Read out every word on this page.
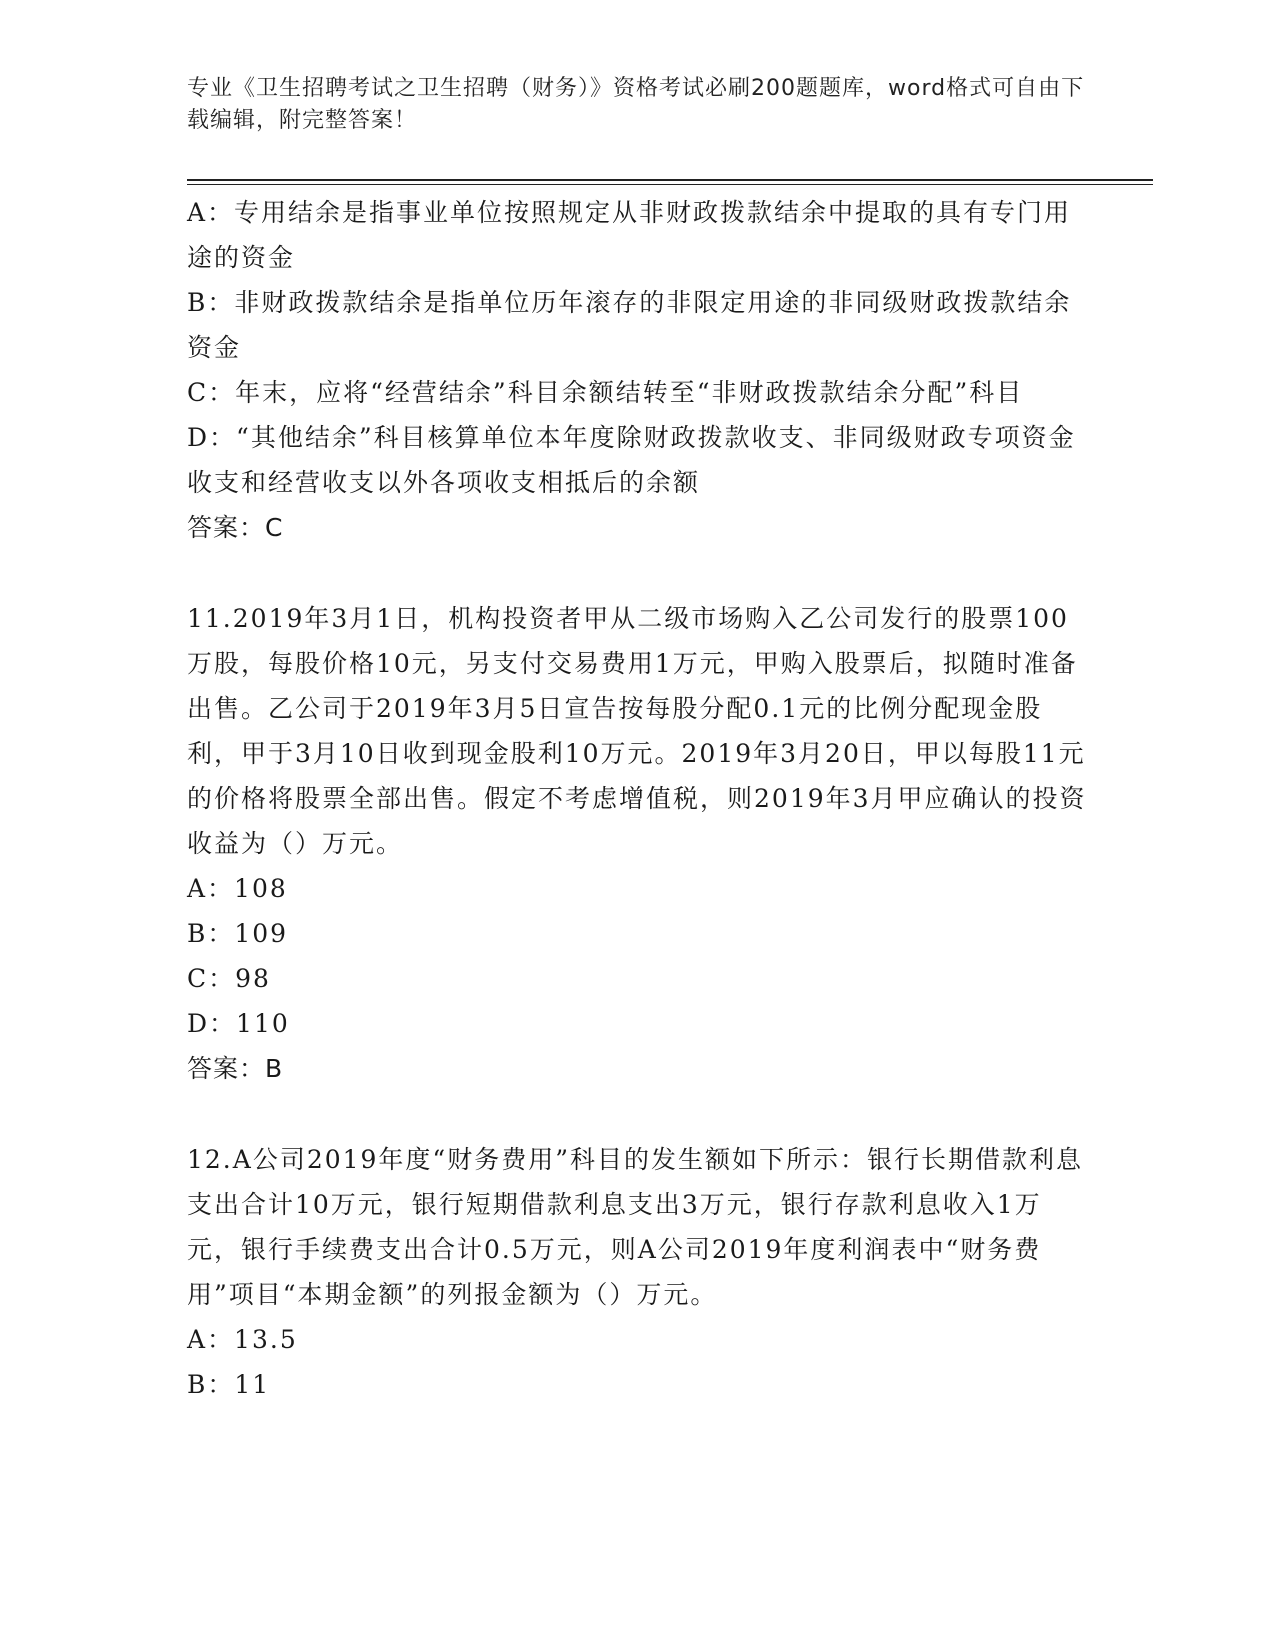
专业《卫生招聘考试之卫生招聘（财务）》资格考试必刷200题题库，word格式可自由下载编辑，附完整答案！

A：专用结余是指事业单位按照规定从非财政拨款结余中提取的具有专门用途的资金

B：非财政拨款结余是指单位历年滚存的非限定用途的非同级财政拨款结余资金

C：年末，应将“经营结余”科目余额结转至“非财政拨款结余分配”科目

D：“其他结余”科目核算单位本年度除财政拨款收支、非同级财政专项资金收支和经营收支以外各项收支相抵后的余额

答案：C

11.2019年3月1日，机构投资者甲从二级市场购入乙公司发行的股票100万股，每股价格10元，另支付交易费用1万元，甲购入股票后，拟随时准备出售。乙公司于2019年3月5日宣告按每股分配0.1元的比例分配现金股利，甲于3月10日收到现金股利10万元。2019年3月20日，甲以每股11元的价格将股票全部出售。假定不考虑增值税，则2019年3月甲应确认的投资收益为（）万元。

A：108

B：109

C：98

D：110

答案：B

12.A公司2019年度“财务费用”科目的发生额如下所示：银行长期借款利息支出合计10万元，银行短期借款利息支出3万元，银行存款利息收入1万元，银行手续费支出合计0.5万元，则A公司2019年度利润表中“财务费用”项目“本期金额”的列报金额为（）万元。

A：13.5

B：11
